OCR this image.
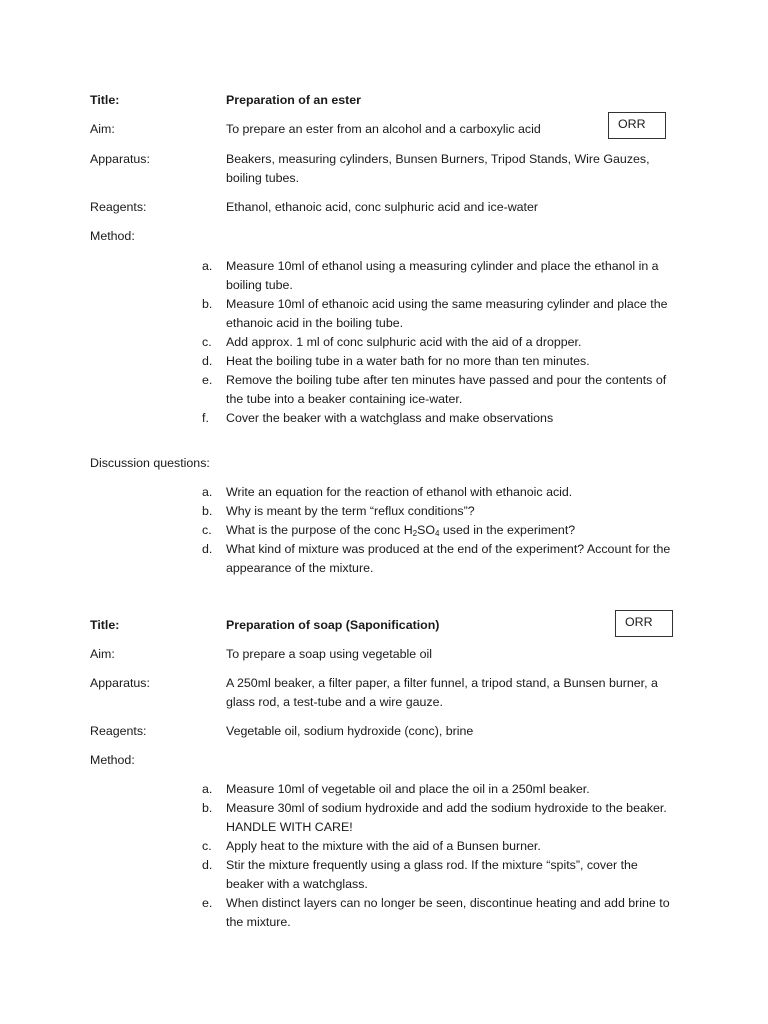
Title:	Preparation of an ester
Aim:	To prepare an ester from an alcohol and a carboxylic acid	ORR
Apparatus:	Beakers, measuring cylinders, Bunsen Burners, Tripod Stands, Wire Gauzes, boiling tubes.
Reagents:	Ethanol, ethanoic acid, conc sulphuric acid and ice-water
Method:
a. Measure 10ml of ethanol using a measuring cylinder and place the ethanol in a boiling tube.
b. Measure 10ml of ethanoic acid using the same measuring cylinder and place the ethanoic acid in the boiling tube.
c. Add approx. 1 ml of conc sulphuric acid with the aid of a dropper.
d. Heat the boiling tube in a water bath for no more than ten minutes.
e. Remove the boiling tube after ten minutes have passed and pour the contents of the tube into a beaker containing ice-water.
f. Cover the beaker with a watchglass and make observations
Discussion questions:
a. Write an equation for the reaction of ethanol with ethanoic acid.
b. Why is meant by the term “reflux conditions”?
c. What is the purpose of the conc $H_2SO_4$ used in the experiment?
d. What kind of mixture was produced at the end of the experiment? Account for the appearance of the mixture.
Title:	Preparation of soap (Saponification)	ORR
Aim:	To prepare a soap using vegetable oil
Apparatus:	A 250ml beaker, a filter paper, a filter funnel, a tripod stand, a Bunsen burner, a glass rod, a test-tube and a wire gauze.
Reagents:	Vegetable oil, sodium hydroxide (conc), brine
Method:
a. Measure 10ml of vegetable oil and place the oil in a 250ml beaker.
b. Measure 30ml of sodium hydroxide and add the sodium hydroxide to the beaker. HANDLE WITH CARE!
c. Apply heat to the mixture with the aid of a Bunsen burner.
d. Stir the mixture frequently using a glass rod. If the mixture “spits”, cover the beaker with a watchglass.
e. When distinct layers can no longer be seen, discontinue heating and add brine to the mixture.
